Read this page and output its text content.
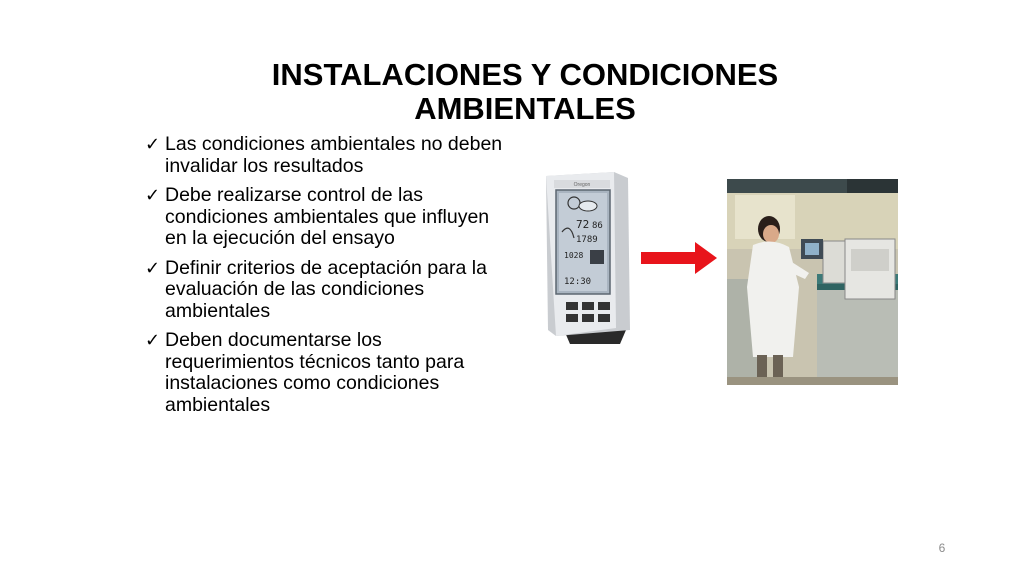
INSTALACIONES Y CONDICIONES AMBIENTALES
✓ Las condiciones ambientales no deben invalidar los resultados
✓ Debe realizarse control de las condiciones ambientales que influyen en la ejecución del ensayo
✓ Definir criterios de aceptación para la evaluación de las condiciones ambientales
✓ Deben documentarse los requerimientos técnicos tanto para instalaciones como condiciones ambientales
Oregon
72 86
1789
1028
12:30
6
